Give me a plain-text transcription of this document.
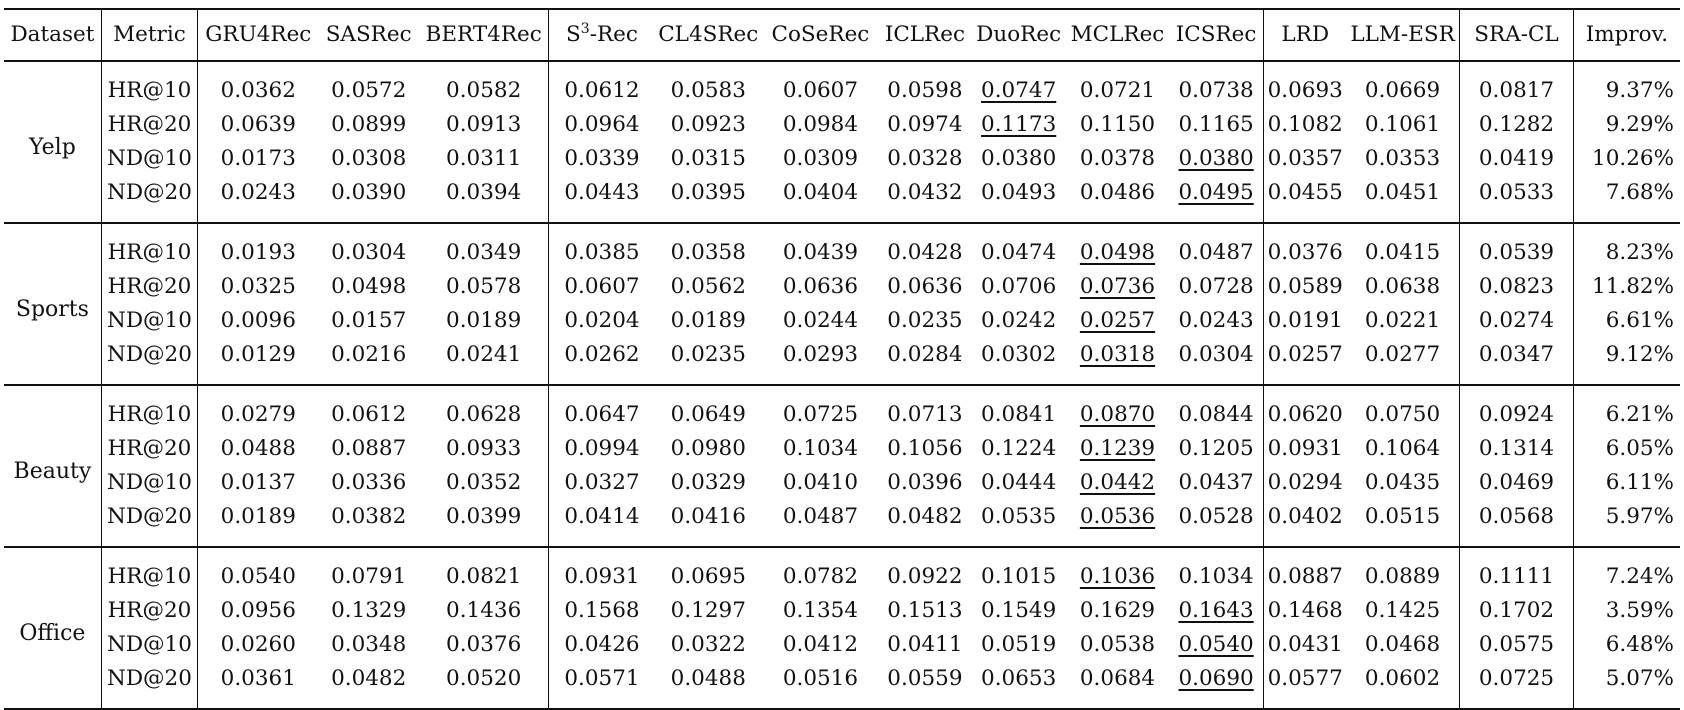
Dataset	Metric	GRU4Rec	SASRec	BERT4Rec	$S^3$-Rec	CL4SRec	CoSeRec	ICLRec	DuoRec	MCLRec	ICSRec	LRD	LLM-ESR	SRA-CL	Improv.
Yelp	HR@10	0.0362	0.0572	0.0582	0.0612	0.0583	0.0607	0.0598	0.0747	0.0721	0.0738	0.0693	0.0669	0.0817	9.37%
	HR@20	0.0639	0.0899	0.0913	0.0964	0.0923	0.0984	0.0974	0.1173	0.1150	0.1165	0.1082	0.1061	0.1282	9.29%
	ND@10	0.0173	0.0308	0.0311	0.0339	0.0315	0.0309	0.0328	0.0380	0.0378	0.0380	0.0357	0.0353	0.0419	10.26%
	ND@20	0.0243	0.0390	0.0394	0.0443	0.0395	0.0404	0.0432	0.0493	0.0486	0.0495	0.0455	0.0451	0.0533	7.68%
Sports	HR@10	0.0193	0.0304	0.0349	0.0385	0.0358	0.0439	0.0428	0.0474	0.0498	0.0487	0.0376	0.0415	0.0539	8.23%
	HR@20	0.0325	0.0498	0.0578	0.0607	0.0562	0.0636	0.0636	0.0706	0.0736	0.0728	0.0589	0.0638	0.0823	11.82%
	ND@10	0.0096	0.0157	0.0189	0.0204	0.0189	0.0244	0.0235	0.0242	0.0257	0.0243	0.0191	0.0221	0.0274	6.61%
	ND@20	0.0129	0.0216	0.0241	0.0262	0.0235	0.0293	0.0284	0.0302	0.0318	0.0304	0.0257	0.0277	0.0347	9.12%
Beauty	HR@10	0.0279	0.0612	0.0628	0.0647	0.0649	0.0725	0.0713	0.0841	0.0870	0.0844	0.0620	0.0750	0.0924	6.21%
	HR@20	0.0488	0.0887	0.0933	0.0994	0.0980	0.1034	0.1056	0.1224	0.1239	0.1205	0.0931	0.1064	0.1314	6.05%
	ND@10	0.0137	0.0336	0.0352	0.0327	0.0329	0.0410	0.0396	0.0444	0.0442	0.0437	0.0294	0.0435	0.0469	6.11%
	ND@20	0.0189	0.0382	0.0399	0.0414	0.0416	0.0487	0.0482	0.0535	0.0536	0.0528	0.0402	0.0515	0.0568	5.97%
Office	HR@10	0.0540	0.0791	0.0821	0.0931	0.0695	0.0782	0.0922	0.1015	0.1036	0.1034	0.0887	0.0889	0.1111	7.24%
	HR@20	0.0956	0.1329	0.1436	0.1568	0.1297	0.1354	0.1513	0.1549	0.1629	0.1643	0.1468	0.1425	0.1702	3.59%
	ND@10	0.0260	0.0348	0.0376	0.0426	0.0322	0.0412	0.0411	0.0519	0.0538	0.0540	0.0431	0.0468	0.0575	6.48%
	ND@20	0.0361	0.0482	0.0520	0.0571	0.0488	0.0516	0.0559	0.0653	0.0684	0.0690	0.0577	0.0602	0.0725	5.07%
